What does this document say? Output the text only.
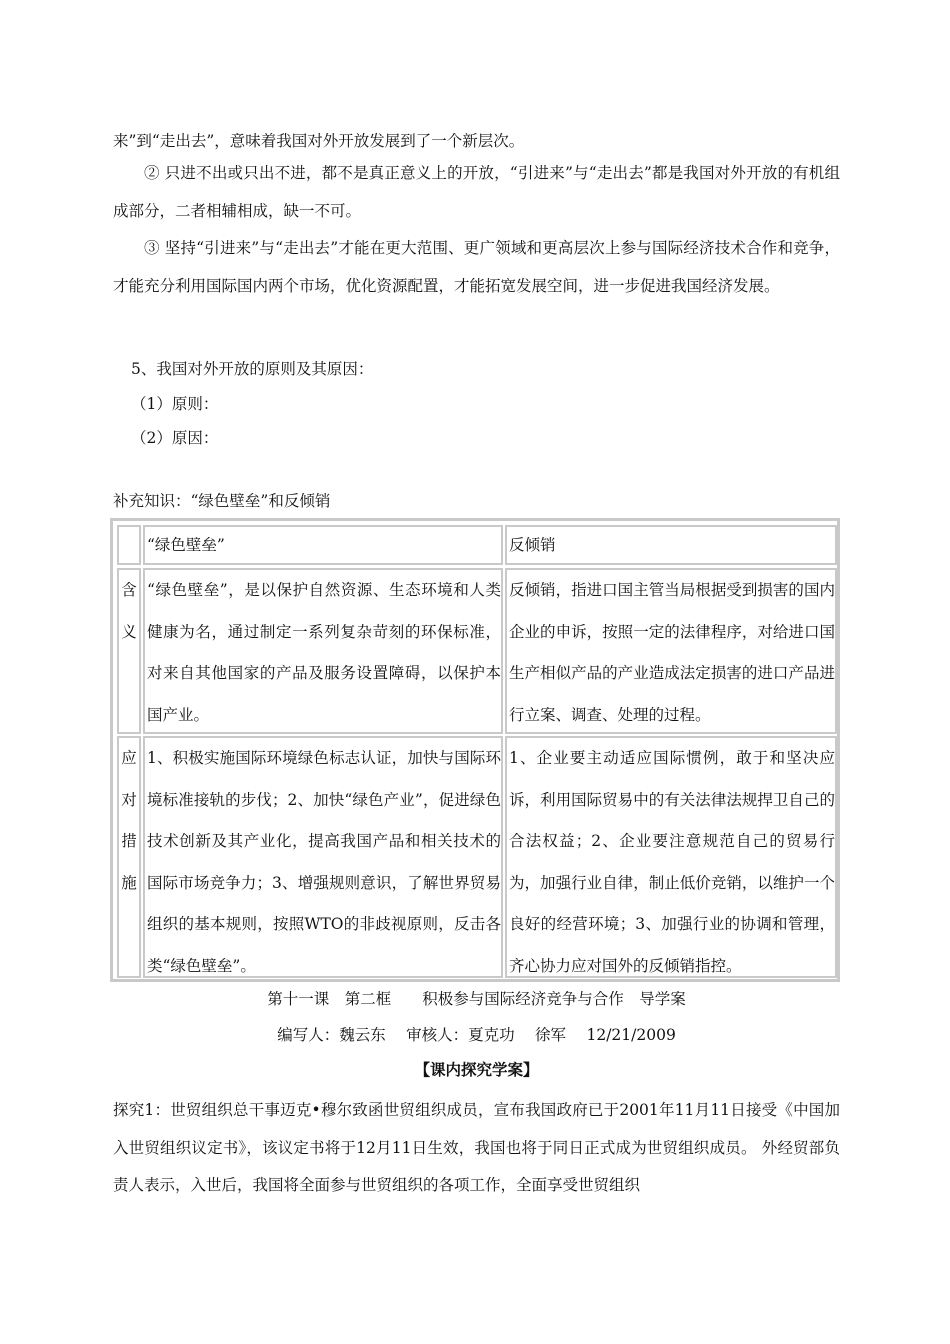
来”到“走出去”，意味着我国对外开放发展到了一个新层次。

② 只进不出或只出不进，都不是真正意义上的开放，“引进来”与“走出去”都是我国对外开放的有机组成部分，二者相辅相成，缺一不可。

③ 坚持“引进来”与“走出去”才能在更大范围、更广领域和更高层次上参与国际经济技术合作和竞争，才能充分利用国际国内两个市场，优化资源配置，才能拓宽发展空间，进一步促进我国经济发展。

5、我国对外开放的原则及其原因：

（1）原则：

（2）原因：

补充知识：“绿色壁垒”和反倾销

“绿色壁垒”	反倾销

含义

“绿色壁垒”，是以保护自然资源、生态环境和人类健康为名，通过制定一系列复杂苛刻的环保标准，对来自其他国家的产品及服务设置障碍，以保护本国产业。

反倾销，指进口国主管当局根据受到损害的国内企业的申诉，按照一定的法律程序，对给进口国生产相似产品的产业造成法定损害的进口产品进行立案、调查、处理的过程。

应对措施

1、积极实施国际环境绿色标志认证，加快与国际环境标准接轨的步伐；2、加快“绿色产业”，促进绿色技术创新及其产业化，提高我国产品和相关技术的国际市场竞争力；3、增强规则意识，了解世界贸易组织的基本规则，按照WTO的非歧视原则，反击各类“绿色壁垒”。

1、企业要主动适应国际惯例，敢于和坚决应诉，利用国际贸易中的有关法律法规捍卫自己的合法权益；2、企业要注意规范自己的贸易行为，加强行业自律，制止低价竞销，以维护一个良好的经营环境；3、加强行业的协调和管理，齐心协力应对国外的反倾销指控。

第十一课　第二框　　积极参与国际经济竞争与合作　导学案

编写人：魏云东　 审核人：夏克功　 徐军　 12/21/2009

【课内探究学案】

探究1：世贸组织总干事迈克•穆尔致函世贸组织成员，宣布我国政府已于2001年11月11日接受《中国加入世贸组织议定书》，该议定书将于12月11日生效，我国也将于同日正式成为世贸组织成员。 外经贸部负责人表示，入世后，我国将全面参与世贸组织的各项工作，全面享受世贸组织
